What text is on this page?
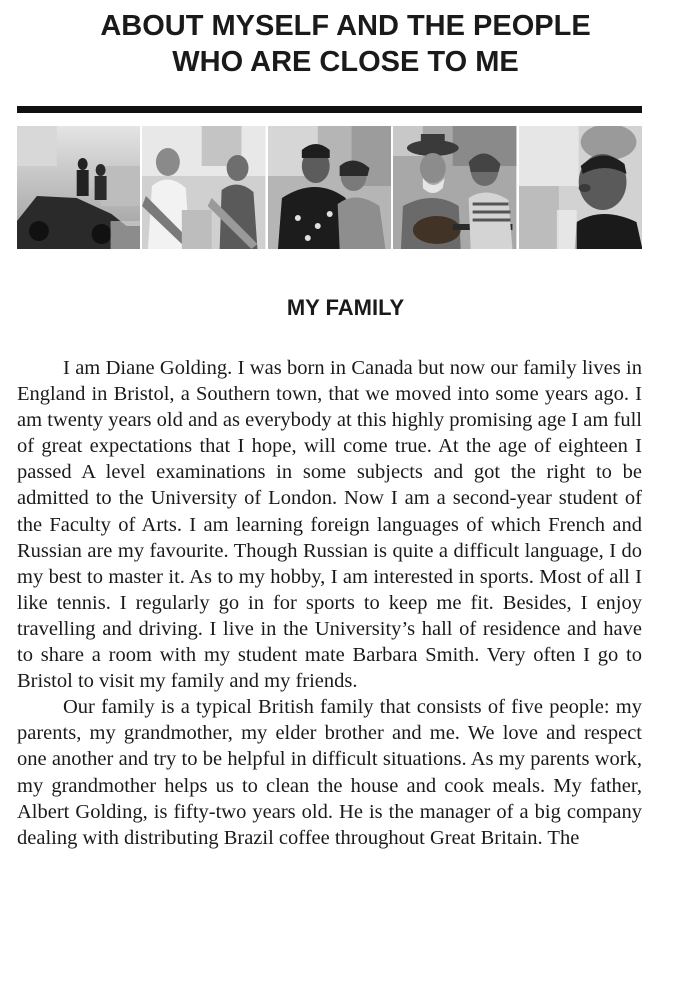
ABOUT MYSELF AND THE PEOPLE
WHO ARE CLOSE TO ME
MY FAMILY

I am Diane Golding. I was born in Canada but now our family lives in England in Bristol, a Southern town, that we moved into some years ago. I am twenty years old and as everybody at this highly promising age I am full of great expectations that I hope, will come true. At the age of eighteen I passed A level examinations in some subjects and got the right to be admitted to the University of London. Now I am a second-year student of the Faculty of Arts. I am learning foreign languages of which French and Russian are my favourite. Though Russian is quite a difficult language, I do my best to master it. As to my hobby, I am interested in sports. Most of all I like tennis. I regularly go in for sports to keep me fit. Besides, I enjoy travelling and driving. I live in the University’s hall of residence and have to share a room with my student mate Barbara Smith. Very often I go to Bristol to visit my family and my friends.

Our family is a typical British family that consists of five people: my parents, my grandmother, my elder brother and me. We love and respect one another and try to be helpful in difficult situations. As my parents work, my grandmother helps us to clean the house and cook meals. My father, Albert Golding, is fifty-two years old. He is the manager of a big company dealing with distributing Brazil coffee throughout Great Britain. The
